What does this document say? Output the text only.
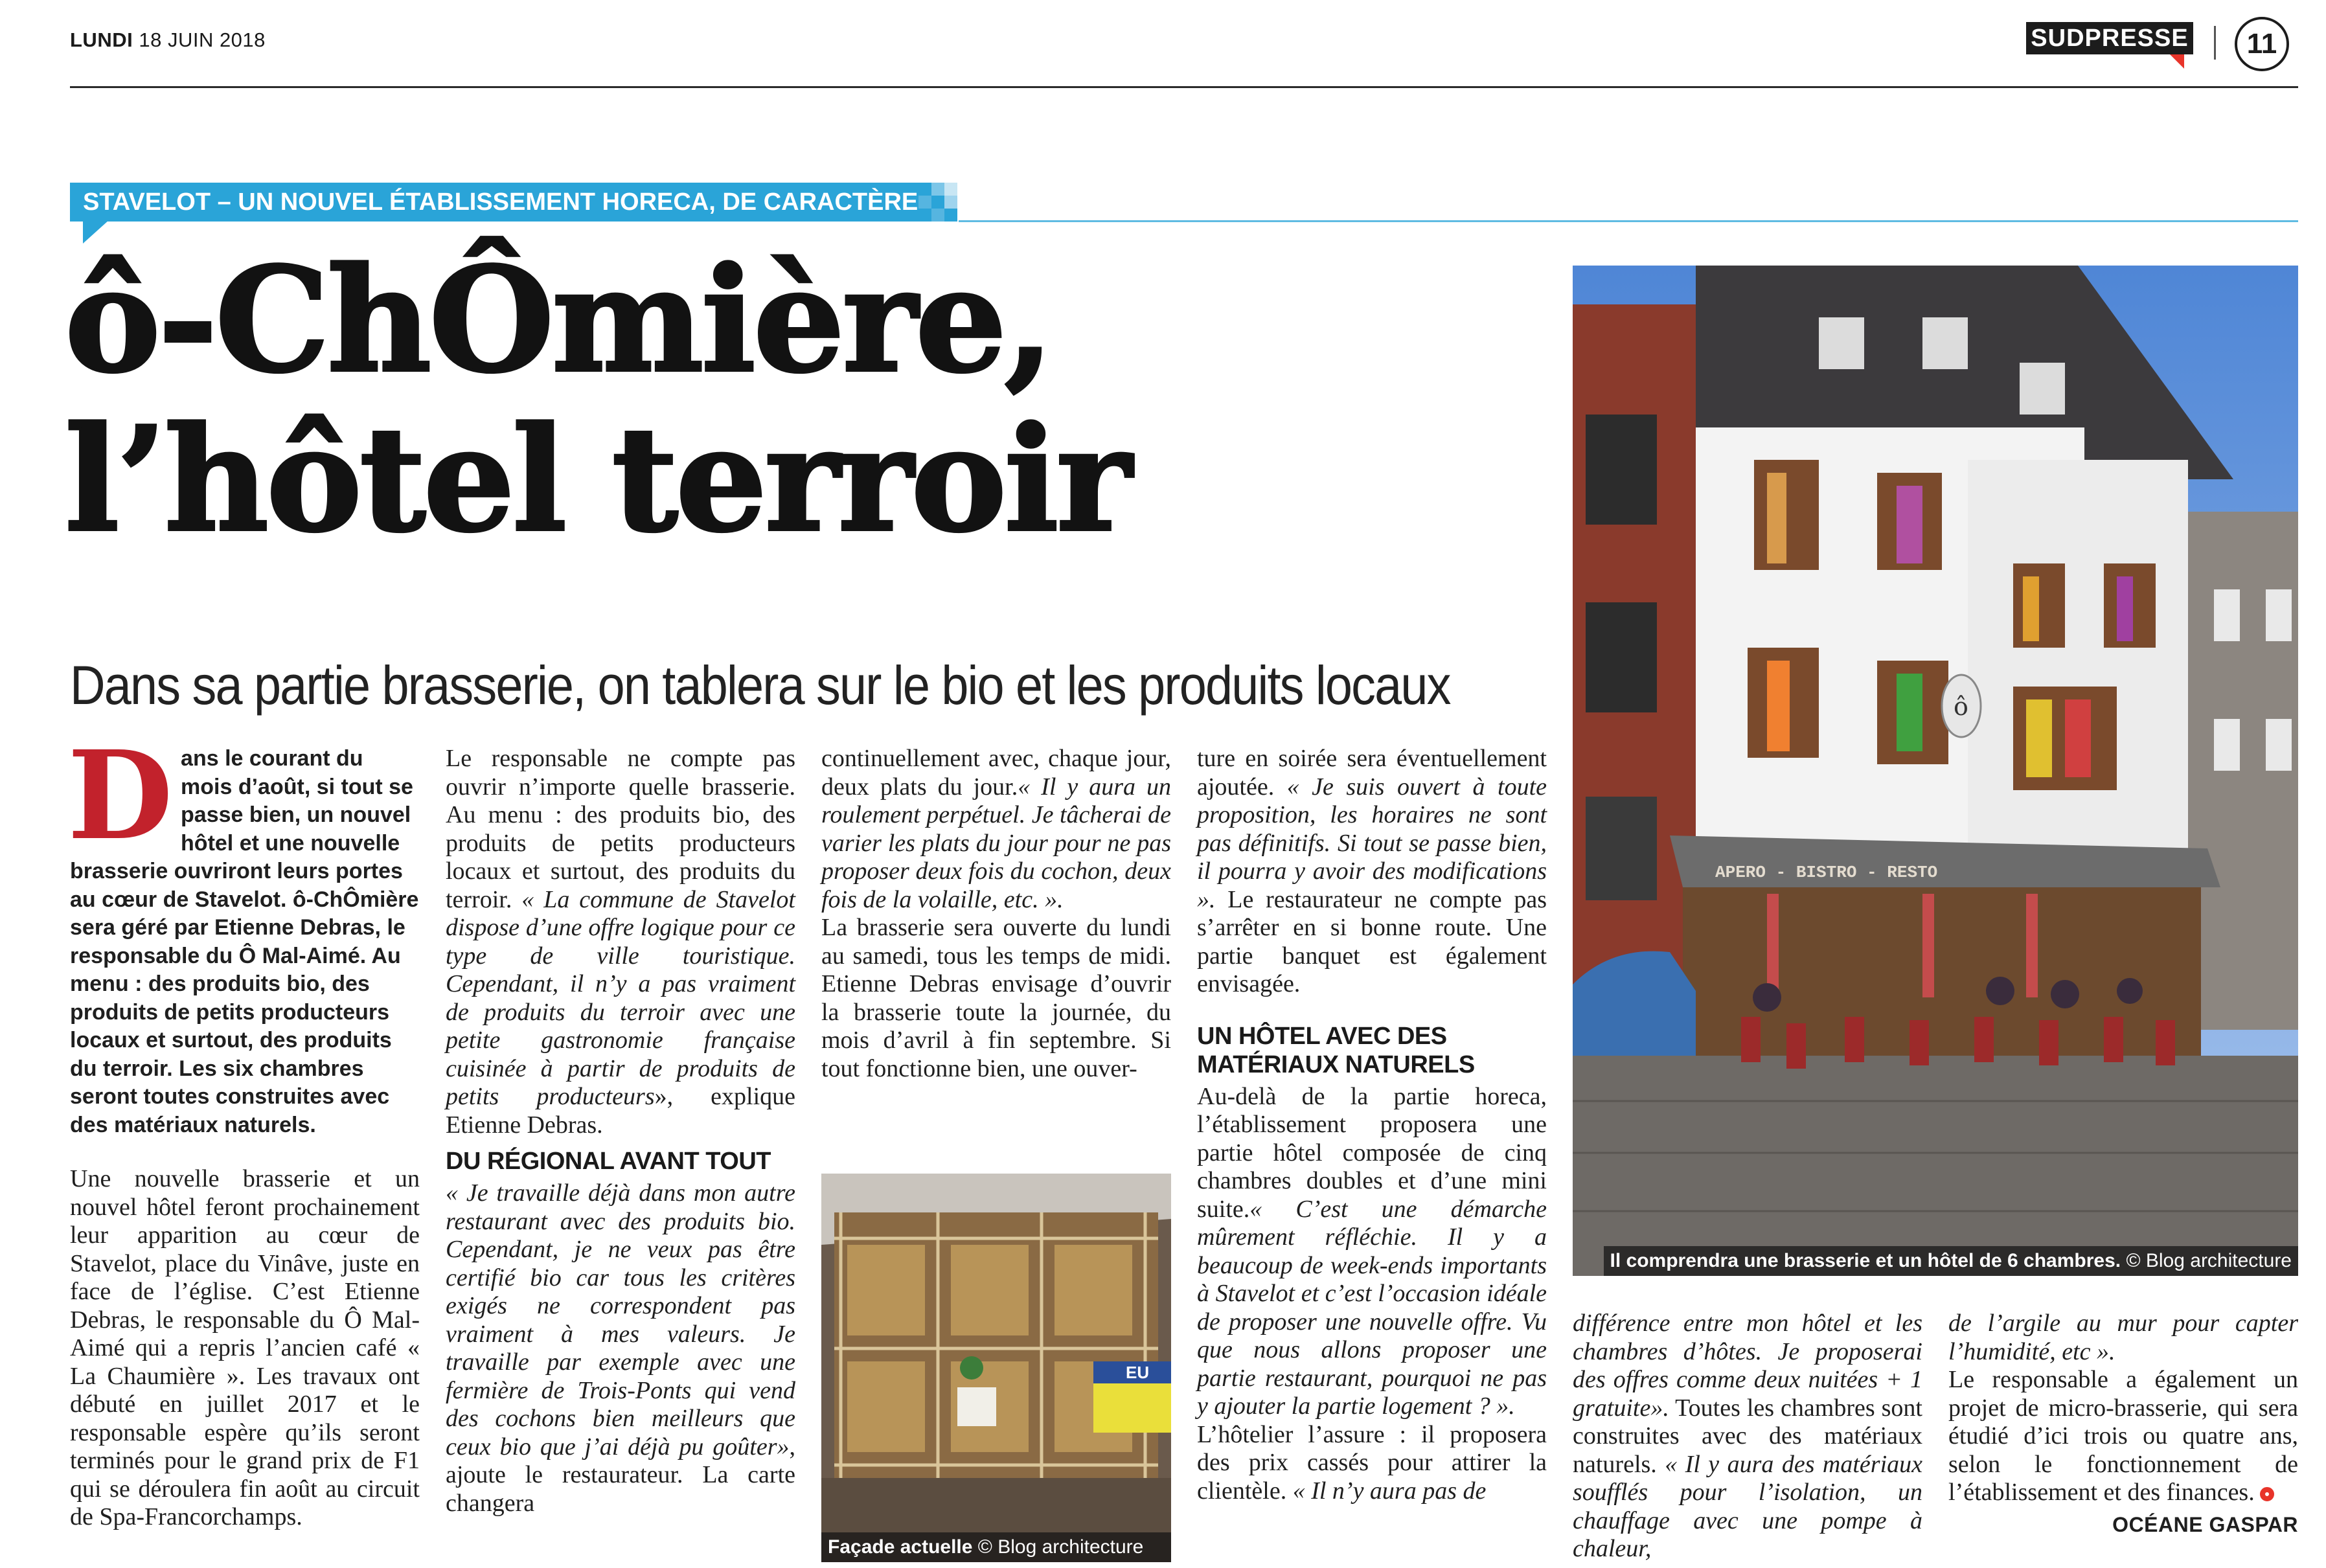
LUNDI 18 JUIN 2018	SUDPRESSE	11
STAVELOT – UN NOUVEL ÉTABLISSEMENT HORECA, DE CARACTÈRE
ô-ChÔmière,
l’hôtel terroir
Dans sa partie brasserie, on tablera sur le bio et les produits locaux
Dans le courant du mois d’août, si tout se passe bien, un nouvel hôtel et une nouvelle brasserie ouvriront leurs portes au cœur de Stavelot. ô-ChÔmière sera géré par Etienne Debras, le responsable du Ô Mal-Aimé. Au menu : des produits bio, des produits de petits producteurs locaux et surtout, des produits du terroir. Les six chambres seront toutes construites avec des matériaux naturels.

Une nouvelle brasserie et un nouvel hôtel feront prochainement leur apparition au cœur de Stavelot, place du Vinâve, juste en face de l’église. C’est Etienne Debras, le responsable du Ô Mal-Aimé qui a repris l’ancien café « La Chaumière ». Les travaux ont débuté en juillet 2017 et le responsable espère qu’ils seront terminés pour le grand prix de F1 qui se déroulera fin août au circuit de Spa-Francorchamps.

Le responsable ne compte pas ouvrir n’importe quelle brasserie. Au menu : des produits bio, des produits de petits producteurs locaux et surtout, des produits du terroir. « La commune de Stavelot dispose d’une offre logique pour ce type de ville touristique. Cependant, il n’y a pas vraiment de produits du terroir avec une petite gastronomie française cuisinée à partir de produits de petits producteurs», explique Etienne Debras.

DU RÉGIONAL AVANT TOUT

« Je travaille déjà dans mon autre restaurant avec des produits bio. Cependant, je ne veux pas être certifié bio car tous les critères exigés ne correspondent pas vraiment à mes valeurs. Je travaille par exemple avec une fermière de Trois-Ponts qui vend des cochons bien meilleurs que ceux bio que j’ai déjà pu goûter», ajoute le restaurateur. La carte changera

continuellement avec, chaque jour, deux plats du jour.« Il y aura un roulement perpétuel. Je tâcherai de varier les plats du jour pour ne pas proposer deux fois du cochon, deux fois de la volaille, etc. ».

La brasserie sera ouverte du lundi au samedi, tous les temps de midi. Etienne Debras envisage d’ouvrir la brasserie toute la journée, du mois d’avril à fin septembre. Si tout fonctionne bien, une ouver-

EU
Façade actuelle © Blog architecture

ture en soirée sera éventuellement ajoutée. « Je suis ouvert à toute proposition, les horaires ne sont pas définitifs. Si tout se passe bien, il pourra y avoir des modifications ». Le restaurateur ne compte pas s’arrêter en si bonne route. Une partie banquet est également envisagée.

UN HÔTEL AVEC DES MATÉRIAUX NATURELS

Au-delà de la partie horeca, l’établissement proposera une partie hôtel composée de cinq chambres doubles et d’une mini suite.« C’est une démarche mûrement réfléchie. Il y a beaucoup de week-ends importants à Stavelot et c’est l’occasion idéale de proposer une nouvelle offre. Vu que nous allons proposer une partie restaurant, pourquoi ne pas y ajouter la partie logement ? ».

L’hôtelier l’assure : il proposera des prix cassés pour attirer la clientèle. « Il n’y aura pas de

ô
APERO - BISTRO - RESTO
Il comprendra une brasserie et un hôtel de 6 chambres. © Blog architecture

différence entre mon hôtel et les chambres d’hôtes. Je proposerai des offres comme deux nuitées + 1 gratuite». Toutes les chambres sont construites avec des matériaux naturels. « Il y aura des matériaux soufflés pour l’isolation, un chauffage avec une pompe à chaleur,

de l’argile au mur pour capter l’humidité, etc ».

Le responsable a également un projet de micro-brasserie, qui sera étudié d’ici trois ou quatre ans, selon le fonctionnement de l’établissement et des finances.

OCÉANE GASPAR
